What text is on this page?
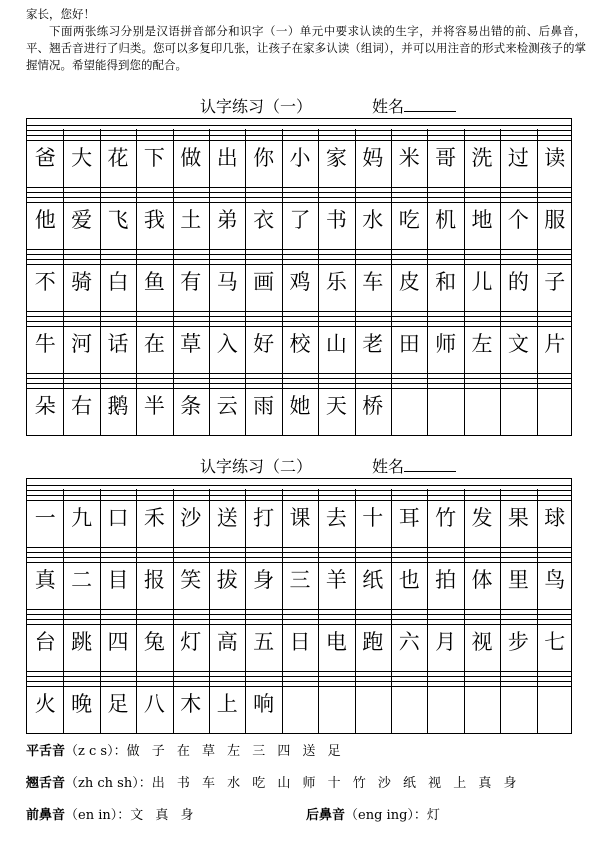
家长，您好！

下面两张练习分别是汉语拼音部分和识字（一）单元中要求认读的生字，并将容易出错的前、后鼻音，平、翘舌音进行了归类。您可以多复印几张，让孩子在家多认读（组词），并可以用注音的形式来检测孩子的掌握情况。希望能得到您的配合。

认字练习（一）	姓名
爸 大 花 下 做 出 你 小 家 妈 米 哥 洗 过 读
他 爱 飞 我 土 弟 衣 了 书 水 吃 机 地 个 服
不 骑 白 鱼 有 马 画 鸡 乐 车 皮 和 儿 的 子
牛 河 话 在 草 入 好 校 山 老 田 师 左 文 片
朵 右 鹅 半 条 云 雨 她 天 桥
认字练习（二）	姓名
一 九 口 禾 沙 送 打 课 去 十 耳 竹 发 果 球
真 二 目 报 笑 拔 身 三 羊 纸 也 拍 体 里 鸟
台 跳 四 兔 灯 高 五 日 电 跑 六 月 视 步 七
火 晚 足 八 木 上 响
平舌音（z c s）：做 子 在 草 左 三 四 送 足
翘舌音（zh ch sh）：出 书 车 水 吃 山 师 十 竹 沙 纸 视 上 真 身
前鼻音（en in）：文 真 身	后鼻音（eng ing）：灯
